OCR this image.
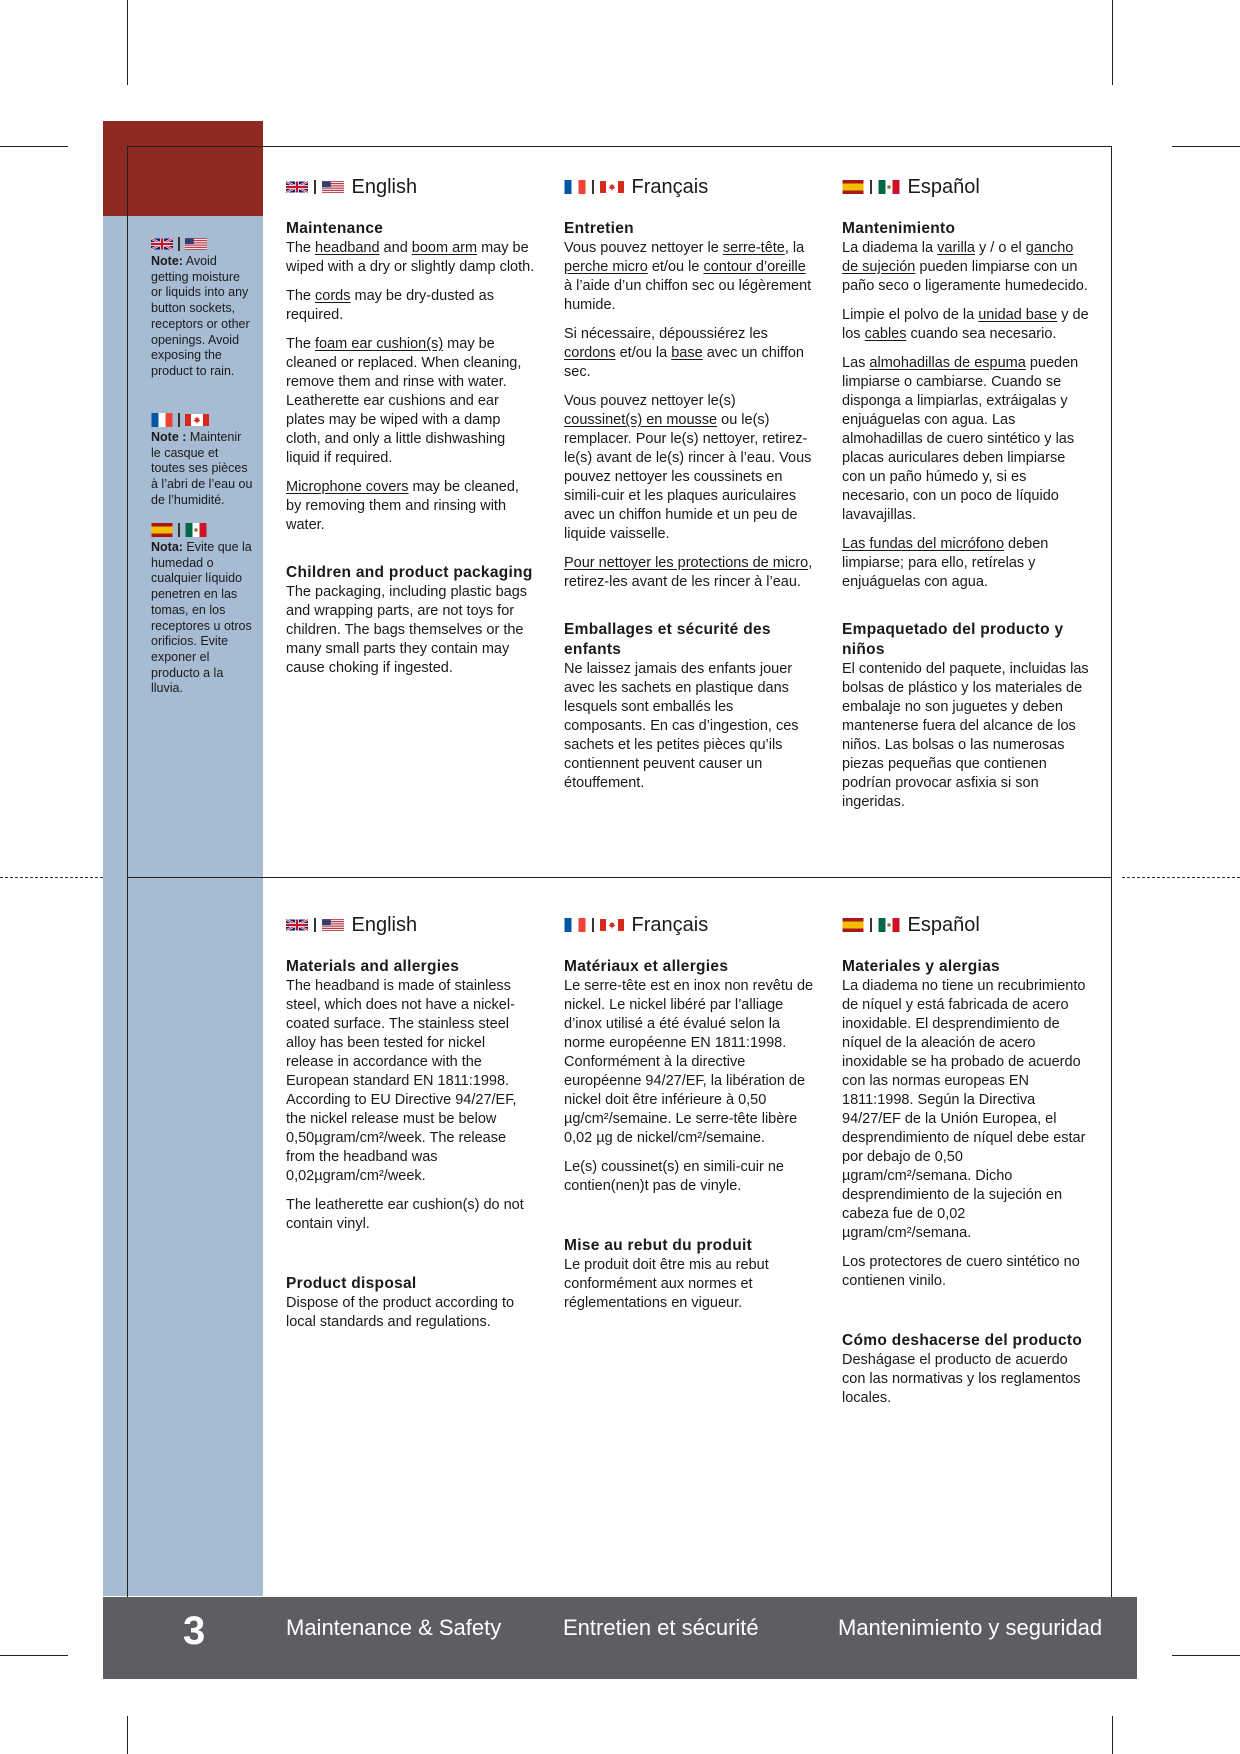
Note: Avoid getting moisture or liquids into any button sockets, receptors or other openings. Avoid exposing the product to rain.

Note : Maintenir le casque et toutes ses pièces à l’abri de l’eau ou de l’humidité.

Nota: Evite que la humedad o cualquier líquido penetren en las tomas, en los receptores u otros orificios. Evite exponer el producto a la lluvia.

English
Maintenance

The headband and boom arm may be wiped with a dry or slightly damp cloth.

The cords may be dry-dusted as required.

The foam ear cushion(s) may be cleaned or replaced. When cleaning, remove them and rinse with water. Leatherette ear cushions and ear plates may be wiped with a damp cloth, and only a little dishwashing liquid if required.

Microphone covers may be cleaned, by removing them and rinsing with water.

Children and product packaging

The packaging, including plastic bags and wrapping parts, are not toys for children. The bags themselves or the many small parts they contain may cause choking if ingested.

Français
Entretien

Vous pouvez nettoyer le serre-tête, la perche micro et/ou le contour d’oreille à l’aide d’un chiffon sec ou légèrement humide.

Si nécessaire, dépoussiérez les cordons et/ou la base avec un chiffon sec.

Vous pouvez nettoyer le(s) coussinet(s) en mousse ou le(s) remplacer. Pour le(s) nettoyer, retirez-le(s) avant de le(s) rincer à l’eau. Vous pouvez nettoyer les coussinets en simili-cuir et les plaques auriculaires avec un chiffon humide et un peu de liquide vaisselle.

Pour nettoyer les protections de micro, retirez-les avant de les rincer à l’eau.

Emballages et sécurité des enfants

Ne laissez jamais des enfants jouer avec les sachets en plastique dans lesquels sont emballés les composants. En cas d’ingestion, ces sachets et les petites pièces qu’ils contiennent peuvent causer un étouffement.

Español
Mantenimiento

La diadema la varilla y / o el gancho de sujeción pueden limpiarse con un paño seco o ligeramente humedecido.

Limpie el polvo de la unidad base y de los cables cuando sea necesario.

Las almohadillas de espuma pueden limpiarse o cambiarse. Cuando se disponga a limpiarlas, extráigalas y enjuáguelas con agua. Las almohadillas de cuero sintético y las placas auriculares deben limpiarse con un paño húmedo y, si es necesario, con un poco de líquido lavavajillas.

Las fundas del micrófono deben limpiarse; para ello, retírelas y enjuáguelas con agua.

Empaquetado del producto y niños

El contenido del paquete, incluidas las bolsas de plástico y los materiales de embalaje no son juguetes y deben mantenerse fuera del alcance de los niños. Las bolsas o las numerosas piezas pequeñas que contienen podrían provocar asfixia si son ingeridas.

English
Materials and allergies

The headband is made of stainless steel, which does not have a nickel-coated surface. The stainless steel alloy has been tested for nickel release in accordance with the European standard EN 1811:1998. According to EU Directive 94/27/EF, the nickel release must be below 0,50µgram/cm²/week. The release from the headband was 0,02µgram/cm²/week.

The leatherette ear cushion(s) do not contain vinyl.

Product disposal

Dispose of the product according to local standards and regulations.

Français
Matériaux et allergies

Le serre-tête est en inox non revêtu de nickel. Le nickel libéré par l’alliage d’inox utilisé a été évalué selon la norme européenne EN 1811:1998. Conformément à la directive européenne 94/27/EF, la libération de nickel doit être inférieure à 0,50 µg/cm²/semaine. Le serre-tête libère 0,02 µg de nickel/cm²/semaine.

Le(s) coussinet(s) en simili-cuir ne contien(nen)t pas de vinyle.

Mise au rebut du produit

Le produit doit être mis au rebut conformément aux normes et réglementations en vigueur.

Español
Materiales y alergias

La diadema no tiene un recubrimiento de níquel y está fabricada de acero inoxidable. El desprendimiento de níquel de la aleación de acero inoxidable se ha probado de acuerdo con las normas europeas EN 1811:1998. Según la Directiva 94/27/EF de la Unión Europea, el desprendimiento de níquel debe estar por debajo de 0,50 µgram/cm²/semana. Dicho desprendimiento de la sujeción en cabeza fue de 0,02 µgram/cm²/semana.

Los protectores de cuero sintético no contienen vinilo.

Cómo deshacerse del producto

Deshágase el producto de acuerdo con las normativas y los reglamentos locales.

3	Maintenance & Safety	Entretien et sécurité	Mantenimiento y seguridad
